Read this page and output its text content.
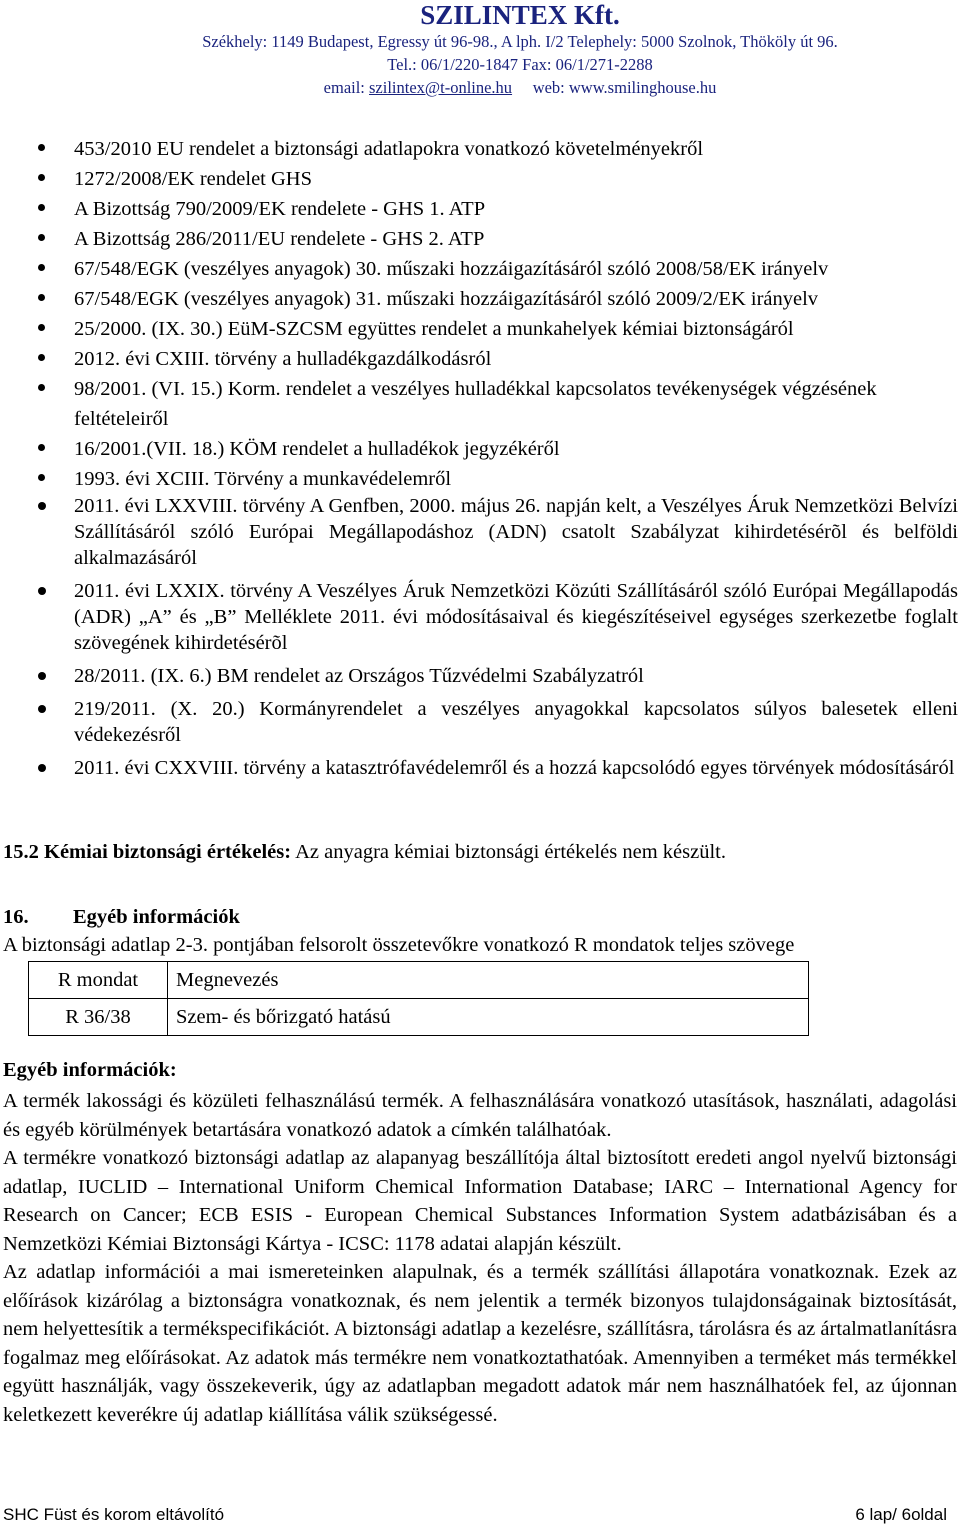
SZILINTEX Kft.
Székhely: 1149 Budapest, Egressy út 96-98., A lph. I/2 Telephely: 5000 Szolnok, Thököly út 96.
Tel.: 06/1/220-1847 Fax: 06/1/271-2288
email: szilintex@t-online.hu web: www.smilinghouse.hu
453/2010 EU rendelet a biztonsági adatlapokra vonatkozó követelményekről
1272/2008/EK rendelet GHS
A Bizottság 790/2009/EK rendelete - GHS 1. ATP
A Bizottság 286/2011/EU rendelete - GHS 2. ATP
67/548/EGK (veszélyes anyagok) 30. műszaki hozzáigazításáról szóló 2008/58/EK irányelv
67/548/EGK (veszélyes anyagok) 31. műszaki hozzáigazításáról szóló 2009/2/EK irányelv
25/2000. (IX. 30.) EüM-SZCSM együttes rendelet a munkahelyek kémiai biztonságáról
2012. évi CXIII. törvény a hulladékgazdálkodásról
98/2001. (VI. 15.) Korm. rendelet a veszélyes hulladékkal kapcsolatos tevékenységek végzésének feltételeiről
16/2001.(VII. 18.) KÖM rendelet a hulladékok jegyzékéről
1993. évi XCIII. Törvény a munkavédelemről
2011. évi LXXVIII. törvény A Genfben, 2000. május 26. napján kelt, a Veszélyes Áruk Nemzetközi Belvízi Szállításáról szóló Európai Megállapodáshoz (ADN) csatolt Szabályzat kihirdetésérõl és belföldi alkalmazásáról
2011. évi LXXIX. törvény A Veszélyes Áruk Nemzetközi Közúti Szállításáról szóló Európai Megállapodás (ADR) „A” és „B” Melléklete 2011. évi módosításaival és kiegészítéseivel egységes szerkezetbe foglalt szövegének kihirdetésérõl
28/2011. (IX. 6.) BM rendelet az Országos Tűzvédelmi Szabályzatról
219/2011. (X. 20.) Kormányrendelet a veszélyes anyagokkal kapcsolatos súlyos balesetek elleni védekezésről
2011. évi CXXVIII. törvény a katasztrófavédelemről és a hozzá kapcsolódó egyes törvények módosításáról
15.2 Kémiai biztonsági értékelés: Az anyagra kémiai biztonsági értékelés nem készült.
16. Egyéb információk
A biztonsági adatlap 2-3. pontjában felsorolt összetevőkre vonatkozó R mondatok teljes szövege
R mondat	Megnevezés
R 36/38	Szem- és bőrizgató hatású
Egyéb információk:

A termék lakossági és közületi felhasználású termék. A felhasználására vonatkozó utasítások, használati, adagolási és egyéb körülmények betartására vonatkozó adatok a címkén találhatóak.

A termékre vonatkozó biztonsági adatlap az alapanyag beszállítója által biztosított eredeti angol nyelvű biztonsági adatlap, IUCLID – International Uniform Chemical Information Database; IARC – International Agency for Research on Cancer; ECB ESIS - European Chemical Substances Information System adatbázisában és a Nemzetközi Kémiai Biztonsági Kártya - ICSC: 1178 adatai alapján készült.

Az adatlap információi a mai ismereteinken alapulnak, és a termék szállítási állapotára vonatkoznak. Ezek az előírások kizárólag a biztonságra vonatkoznak, és nem jelentik a termék bizonyos tulajdonságainak biztosítását, nem helyettesítik a termékspecifikációt. A biztonsági adatlap a kezelésre, szállításra, tárolásra és az ártalmatlanításra fogalmaz meg előírásokat. Az adatok más termékre nem vonatkoztathatóak. Amennyiben a terméket más termékkel együtt használják, vagy összekeverik, úgy az adatlapban megadott adatok már nem használhatóek fel, az újonnan keletkezett keverékre új adatlap kiállítása válik szükségessé.

SHC Füst és korom eltávolító	6 lap/ 6oldal
